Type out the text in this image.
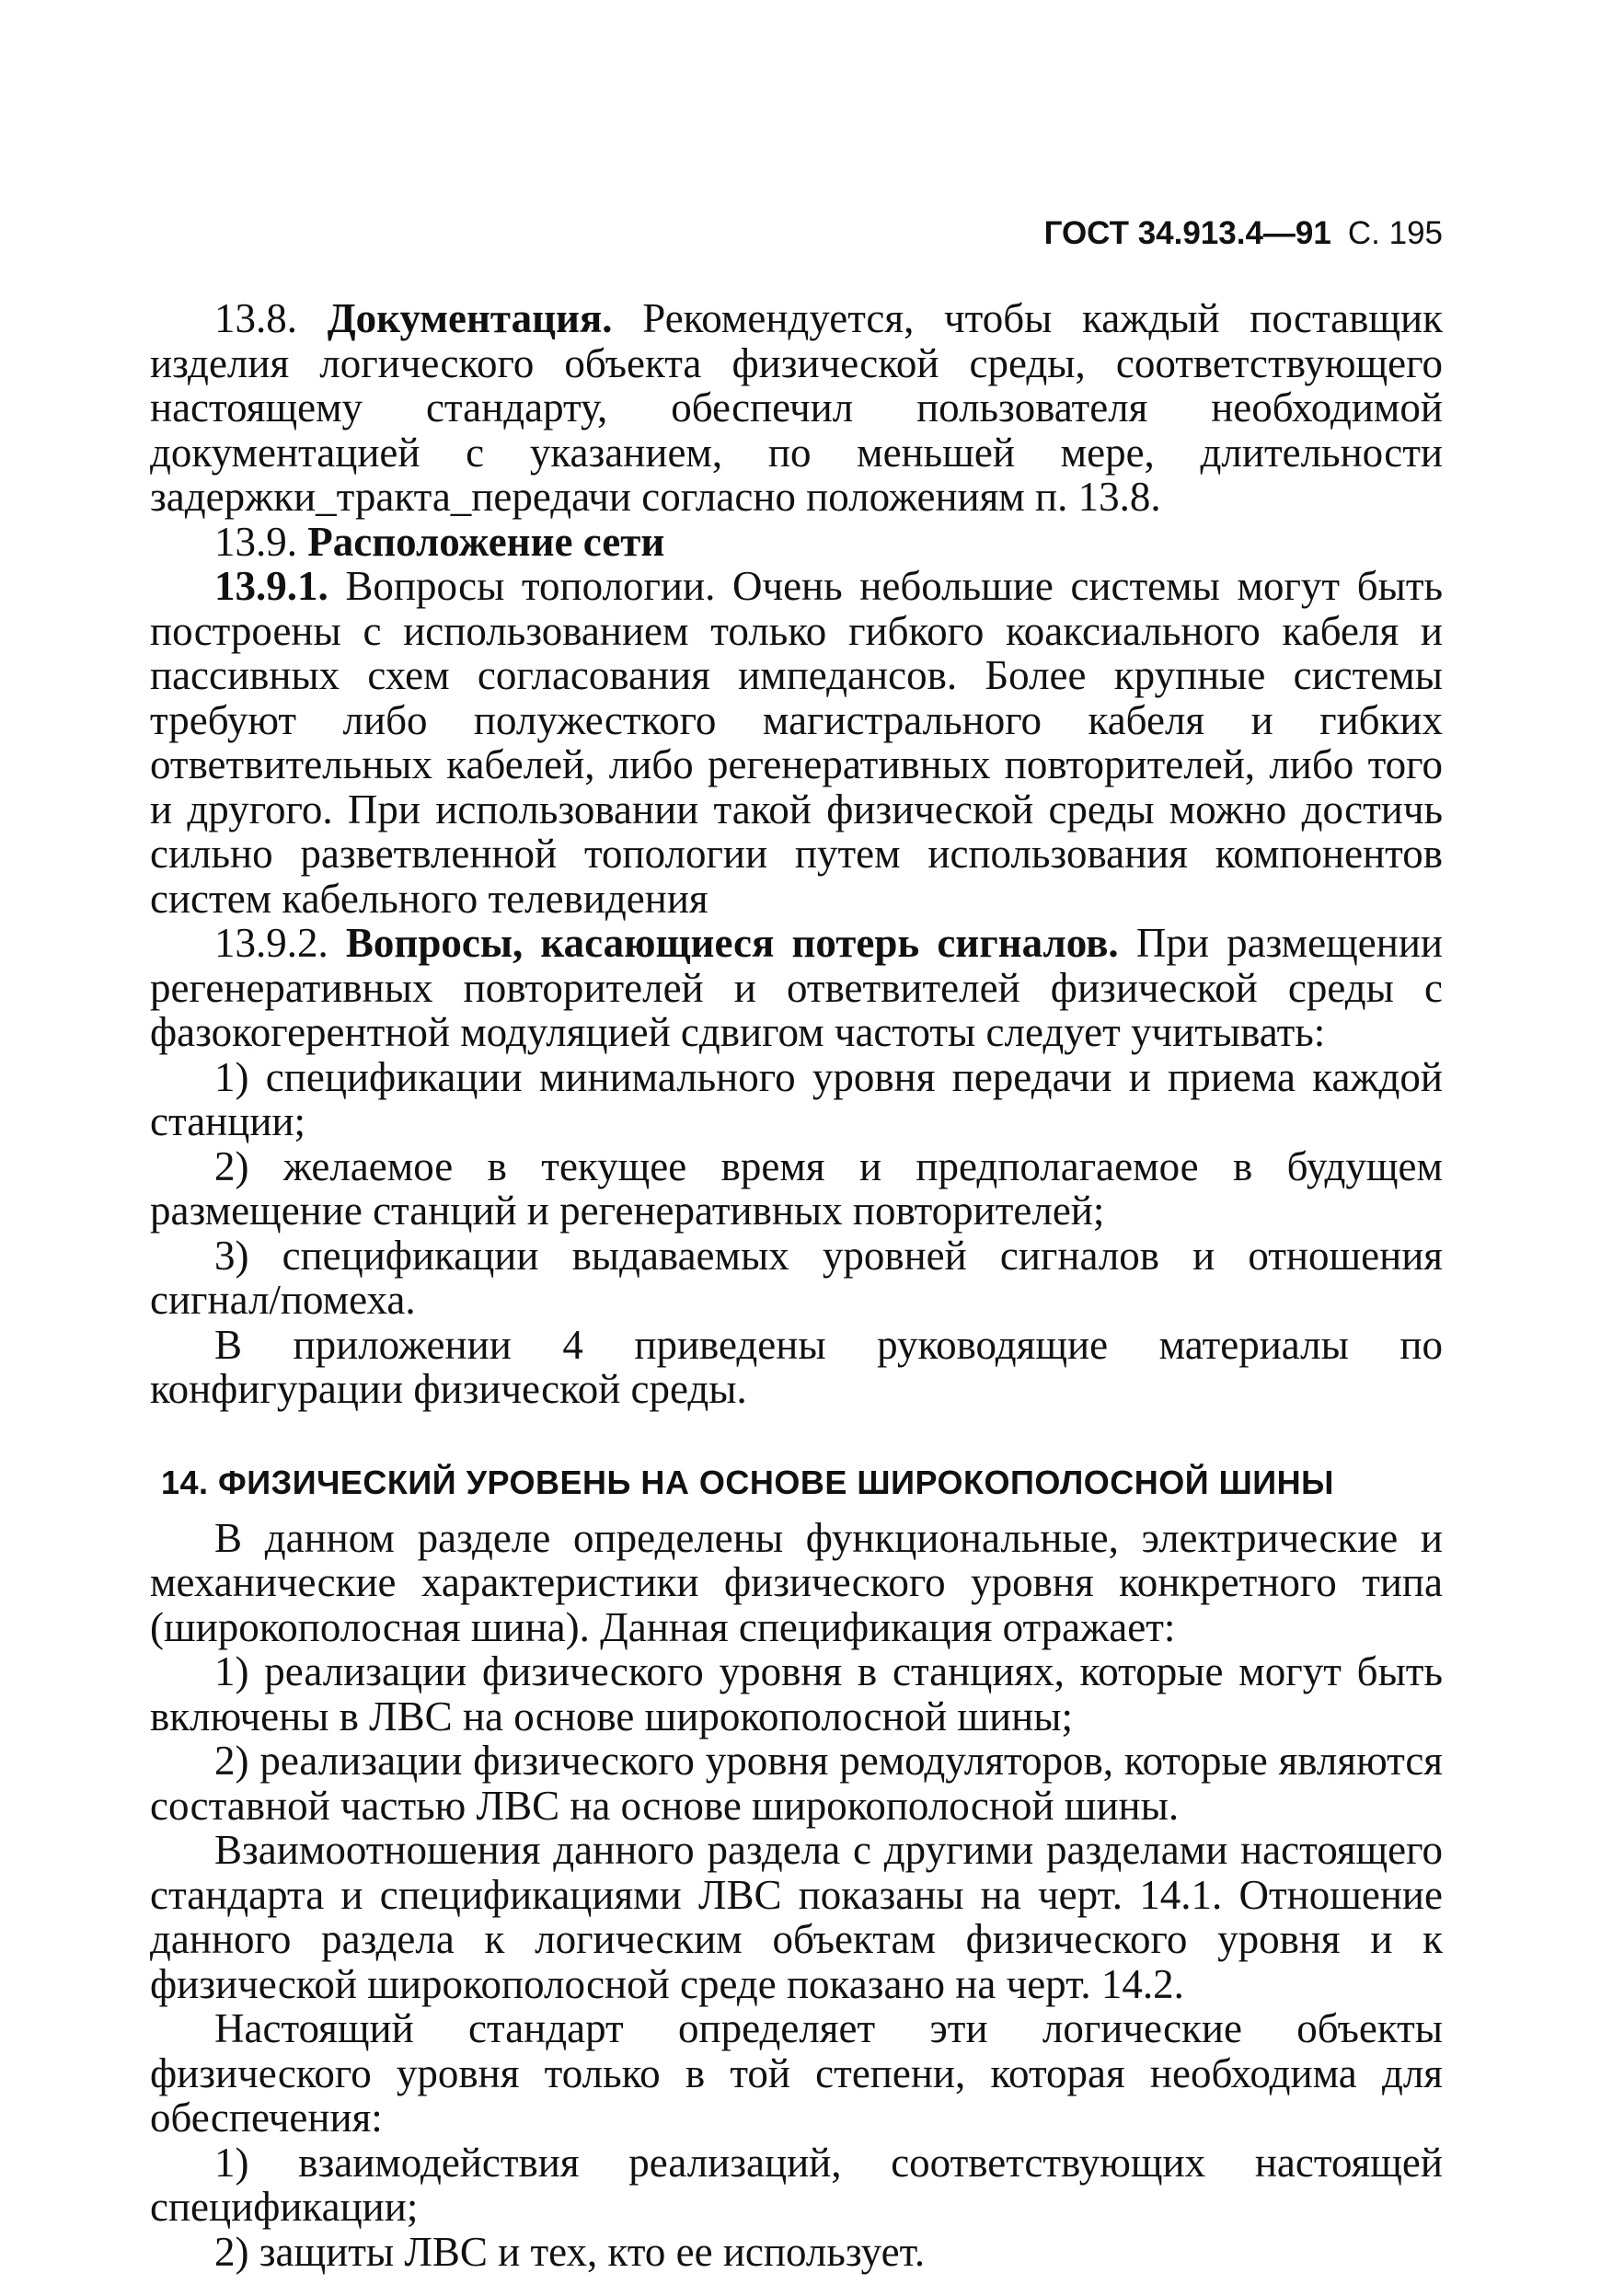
ГОСТ 34.913.4—91 С. 195

13.8. Документация. Рекомендуется, чтобы каждый поставщик изделия логического объекта физической среды, соответствующего настоящему стандарту, обеспечил пользователя необходимой документацией с указанием, по меньшей мере, длительности задержки_тракта_передачи согласно положениям п. 13.8.

13.9. Расположение сети

13.9.1. Вопросы топологии. Очень небольшие системы могут быть построены с использованием только гибкого коаксиального кабеля и пассивных схем согласования импедансов. Более крупные системы требуют либо полужесткого магистрального кабеля и гибких ответвительных кабелей, либо регенеративных повторителей, либо того и другого. При использовании такой физической среды можно достичь сильно разветвленной топологии путем использования компонентов систем кабельного телевидения

13.9.2. Вопросы, касающиеся потерь сигналов. При размещении регенеративных повторителей и ответвителей физической среды с фазокогерентной модуляцией сдвигом частоты следует учитывать:

1) спецификации минимального уровня передачи и приема каждой станции;

2) желаемое в текущее время и предполагаемое в будущем размещение станций и регенеративных повторителей;

3) спецификации выдаваемых уровней сигналов и отношения сигнал/помеха.

В приложении 4 приведены руководящие материалы по конфигурации физической среды.

14. ФИЗИЧЕСКИЙ УРОВЕНЬ НА ОСНОВЕ ШИРОКОПОЛОСНОЙ ШИНЫ

В данном разделе определены функциональные, электрические и механические характеристики физического уровня конкретного типа (широкополосная шина). Данная спецификация отражает:

1) реализации физического уровня в станциях, которые могут быть включены в ЛВС на основе широкополосной шины;

2) реализации физического уровня ремодуляторов, которые являются составной частью ЛВС на основе широкополосной шины.

Взаимоотношения данного раздела с другими разделами настоящего стандарта и спецификациями ЛВС показаны на черт. 14.1. Отношение данного раздела к логическим объектам физического уровня и к физической широкополосной среде показано на черт. 14.2.

Настоящий стандарт определяет эти логические объекты физического уровня только в той степени, которая необходима для обеспечения:

1) взаимодействия реализаций, соответствующих настоящей спецификации;

2) защиты ЛВС и тех, кто ее использует.
